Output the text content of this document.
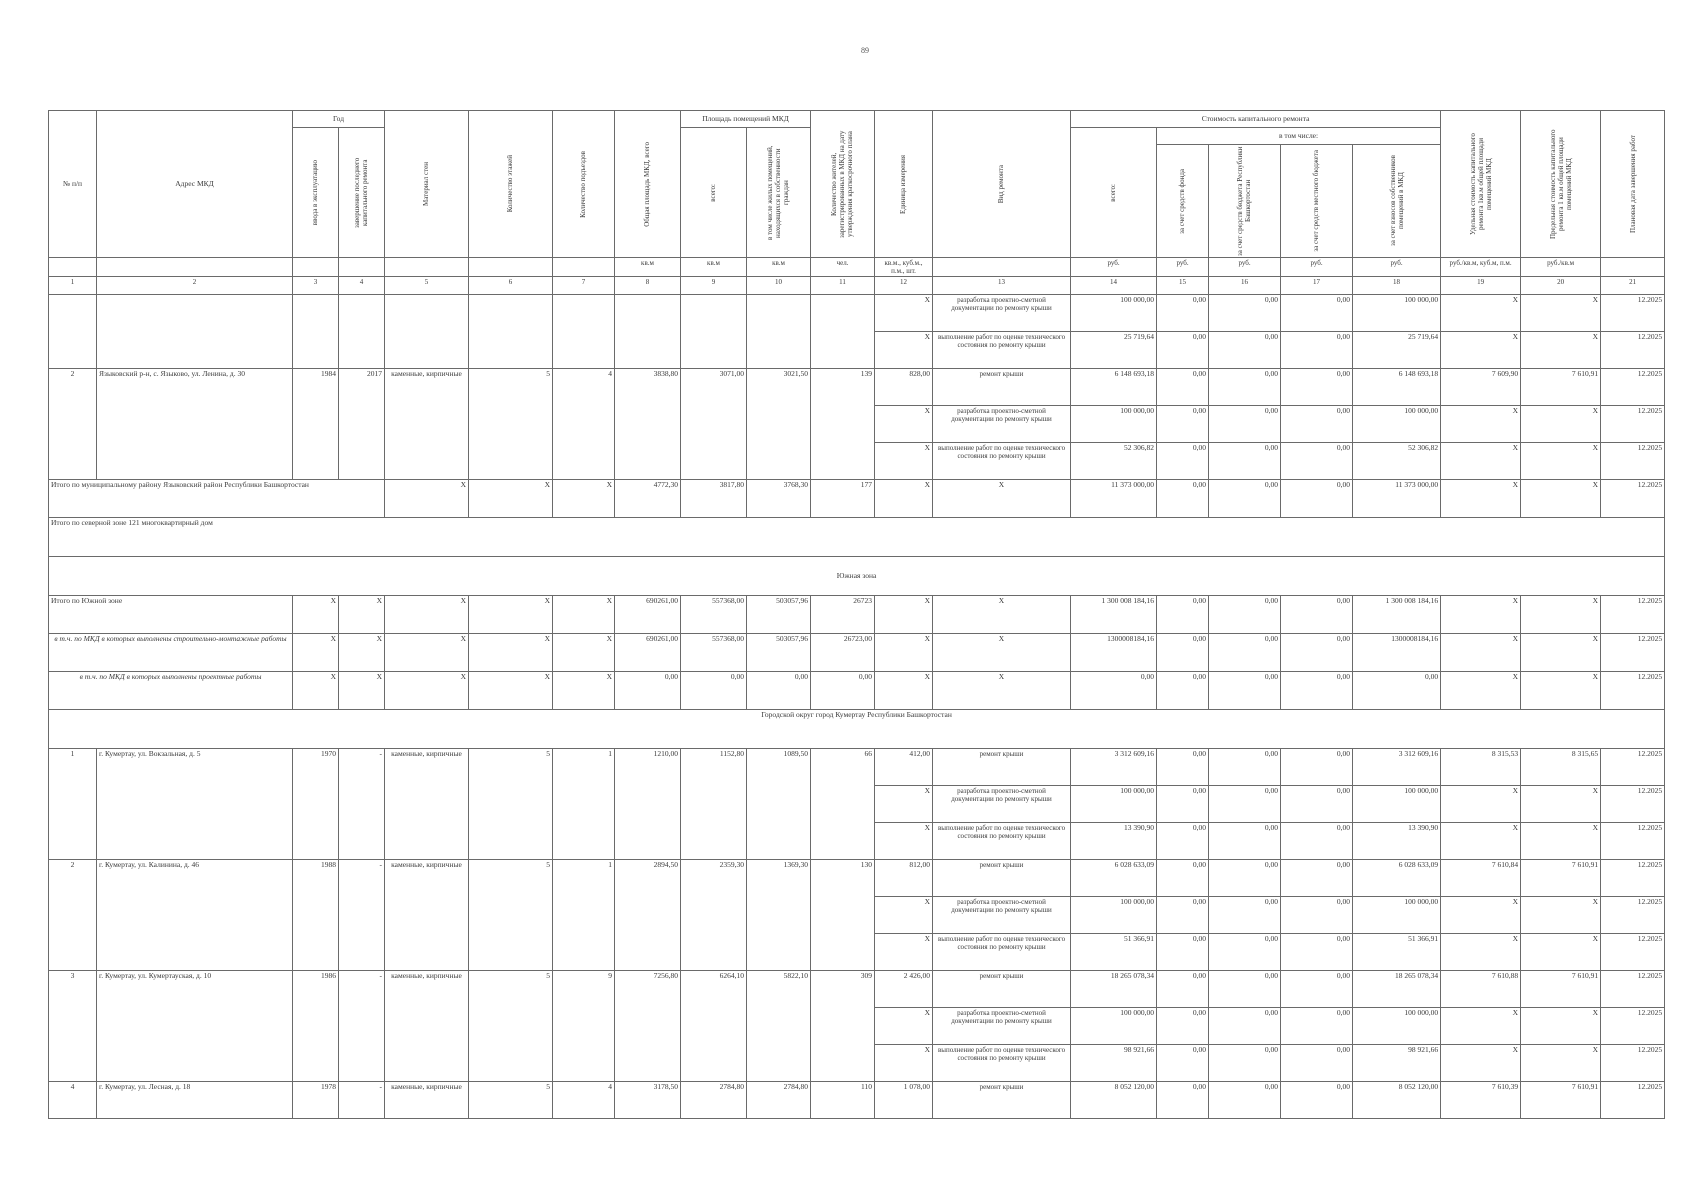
89
№ п/п	Адрес МКД	Год		Материал стен	Количество этажей	Количество подъездов	Общая площадь МКД, всего	Площадь помещений МКД		Количество жителей, зарегистрированных в МКД на дату утверждения краткосрочного плана	Единица измерения	Вид ремонта	Стоимость капитального ремонта					Удельная стоимость капитального ремонта 1кв.м общей площади помещений МКД	Предельная стоимость капитального ремонта 1 кв.м общей площади помещений МКД	Плановая дата завершения работ

		ввода в эксплуатацию	завершение последнего капитального ремонта					всего:	в том числе жилых помещений, находящихся в собственности граждан				всего:	в том числе:						

														за счет средств фонда	за счет средств бюджета Республики Башкортостан	за счет средств местного бюджета	за счет взносов собственников помещений в МКД			

							кв.м	кв.м	кв.м	чел.	кв.м., куб.м., п.м., шт.		руб.	руб.	руб.	руб.	руб.	руб./кв.м, куб.м, п.м.	руб./кв.м	
1	2	3	4	5	6	7	8	9	10	11	12	13	14	15	16	17	18	19	20	21
											X	разработка проектно-сметной документации по ремонту крыши	100 000,00	0,00	0,00	0,00	100 000,00	X	X	12.2025
											X	выполнение работ по оценке технического состояния по ремонту крыши	25 719,64	0,00	0,00	0,00	25 719,64	X	X	12.2025
2	Языковский р-н, с. Языково, ул. Ленина, д. 30	1984	2017	каменные, кирпичные	5	4	3838,80	3071,00	3021,50	139	828,00	ремонт крыши	6 148 693,18	0,00	0,00	0,00	6 148 693,18	7 609,90	7 610,91	12.2025
											X	разработка проектно-сметной документации по ремонту крыши	100 000,00	0,00	0,00	0,00	100 000,00	X	X	12.2025
											X	выполнение работ по оценке технического состояния по ремонту крыши	52 306,82	0,00	0,00	0,00	52 306,82	X	X	12.2025
Итого по муниципальному району Языковский район Республики Башкортостан				X	X	X	4772,30	3817,80	3768,30	177	X	X	11 373 000,00	0,00	0,00	0,00	11 373 000,00	X	X	12.2025
Итого по северной зоне 121 многоквартирный дом																				
Южная зона																				
Итого по Южной зоне		X	X	X	X	X	690261,00	557368,00	503057,96	26723	X	X	1 300 008 184,16	0,00	0,00	0,00	1 300 008 184,16	X	X	12.2025
в т.ч. по МКД в которых выполнены строительно-монтажные работы		X	X	X	X	X	690261,00	557368,00	503057,96	26723,00	X	X	1300008184,16	0,00	0,00	0,00	1300008184,16	X	X	12.2025
в т.ч. по МКД в которых выполнены проектные работы		X	X	X	X	X	0,00	0,00	0,00	0,00	X	X	0,00	0,00	0,00	0,00	0,00	X	X	12.2025
Городской округ город Кумертау Республики Башкортостан																				
1	г. Кумертау, ул. Вокзальная, д. 5	1970	-	каменные, кирпичные	5	1	1210,00	1152,80	1089,50	66	412,00	ремонт крыши	3 312 609,16	0,00	0,00	0,00	3 312 609,16	8 315,53	8 315,65	12.2025
											X	разработка проектно-сметной документации по ремонту крыши	100 000,00	0,00	0,00	0,00	100 000,00	X	X	12.2025
											X	выполнение работ по оценке технического состояния по ремонту крыши	13 390,90	0,00	0,00	0,00	13 390,90	X	X	12.2025
2	г. Кумертау, ул. Калинина, д. 46	1988	-	каменные, кирпичные	5	1	2894,50	2359,30	1369,30	130	812,00	ремонт крыши	6 028 633,09	0,00	0,00	0,00	6 028 633,09	7 610,84	7 610,91	12.2025
											X	разработка проектно-сметной документации по ремонту крыши	100 000,00	0,00	0,00	0,00	100 000,00	X	X	12.2025
											X	выполнение работ по оценке технического состояния по ремонту крыши	51 366,91	0,00	0,00	0,00	51 366,91	X	X	12.2025
3	г. Кумертау, ул. Кумертауская, д. 10	1986	-	каменные, кирпичные	5	9	7256,80	6264,10	5822,10	309	2 426,00	ремонт крыши	18 265 078,34	0,00	0,00	0,00	18 265 078,34	7 610,88	7 610,91	12.2025
											X	разработка проектно-сметной документации по ремонту крыши	100 000,00	0,00	0,00	0,00	100 000,00	X	X	12.2025
											X	выполнение работ по оценке технического состояния по ремонту крыши	98 921,66	0,00	0,00	0,00	98 921,66	X	X	12.2025
4	г. Кумертау, ул. Лесная, д. 18	1978	-	каменные, кирпичные	5	4	3178,50	2784,80	2784,80	110	1 078,00	ремонт крыши	8 052 120,00	0,00	0,00	0,00	8 052 120,00	7 610,39	7 610,91	12.2025
